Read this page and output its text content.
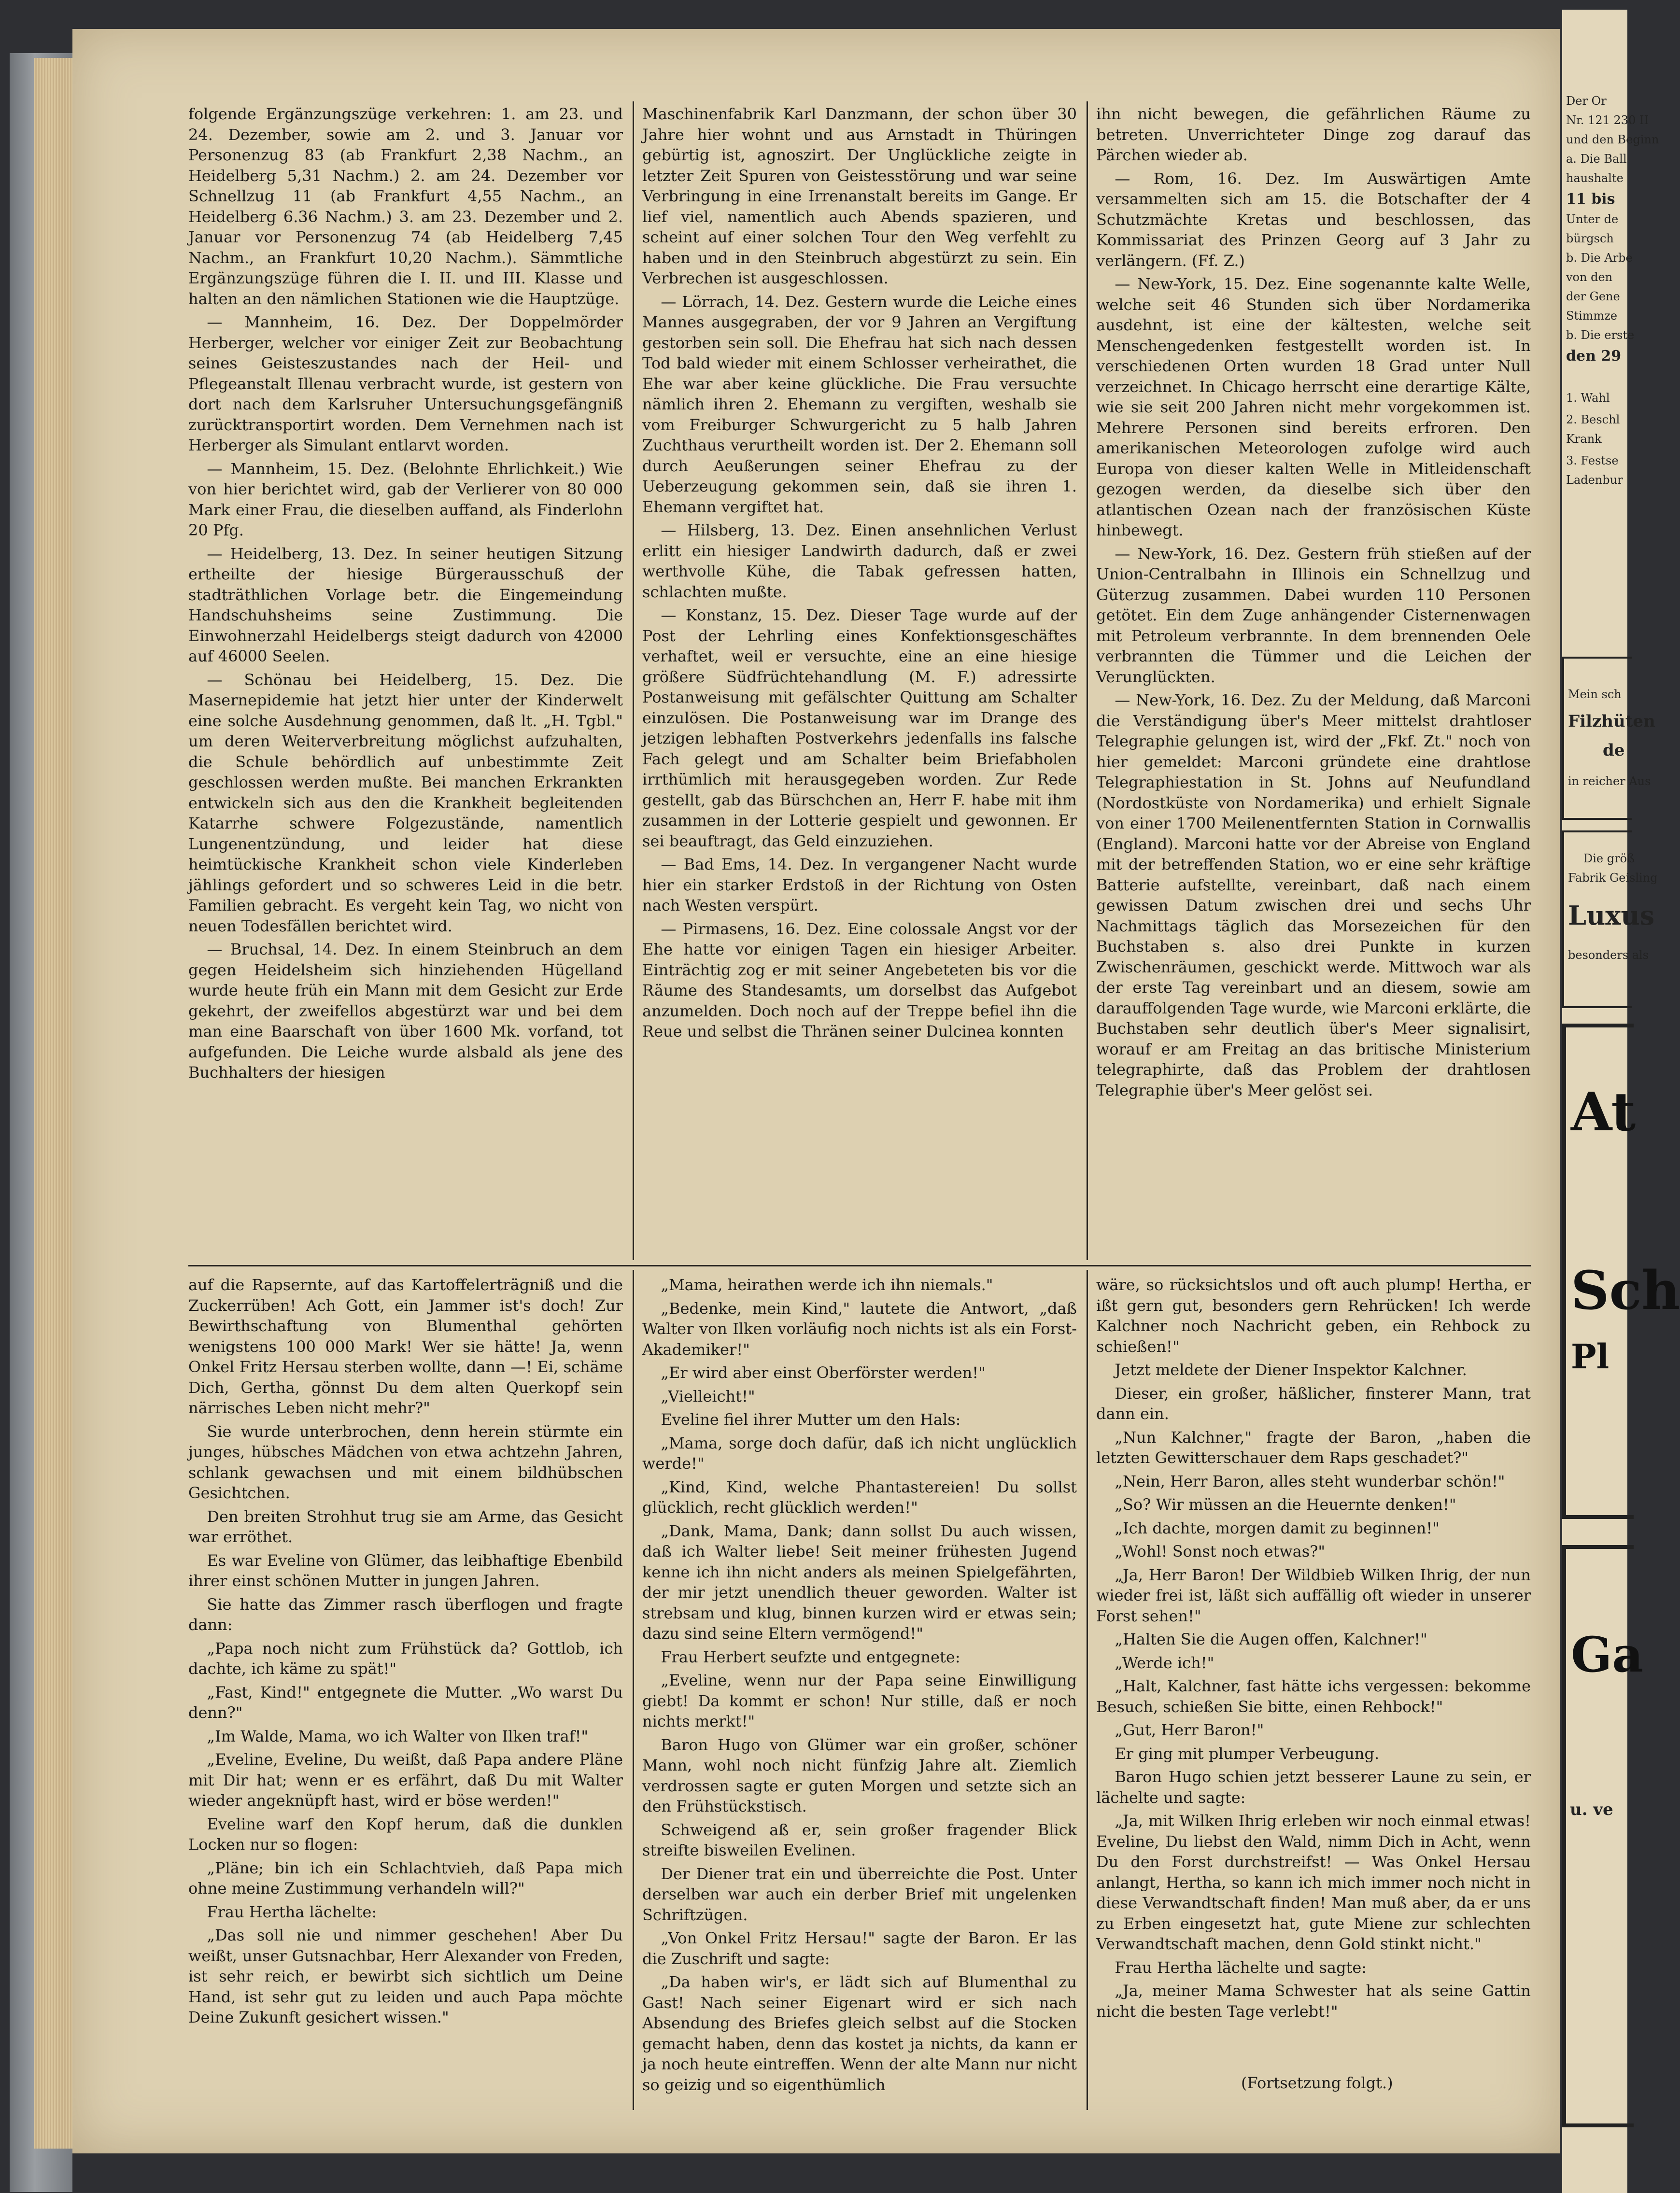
folgende Ergänzungszüge verkehren: 1. am 23. und 24. Dezember, sowie am 2. und 3. Januar vor Personenzug 83 (ab Frankfurt 2,38 Nachm., an Heidelberg 5,31 Nachm.) 2. am 24. Dezember vor Schnellzug 11 (ab Frankfurt 4,55 Nachm., an Heidelberg 6.36 Nachm.) 3. am 23. Dezember und 2. Januar vor Personenzug 74 (ab Heidelberg 7,45 Nachm., an Frankfurt 10,20 Nachm.). Sämmtliche Ergänzungszüge führen die I. II. und III. Klasse und halten an den nämlichen Stationen wie die Hauptzüge.

— Mannheim, 16. Dez. Der Doppelmörder Herberger, welcher vor einiger Zeit zur Beobachtung seines Geisteszustandes nach der Heil- und Pflegeanstalt Illenau verbracht wurde, ist gestern von dort nach dem Karlsruher Untersuchungsgefängniß zurücktransportirt worden. Dem Vernehmen nach ist Herberger als Simulant entlarvt worden.

— Mannheim, 15. Dez. (Belohnte Ehrlichkeit.) Wie von hier berichtet wird, gab der Verlierer von 80 000 Mark einer Frau, die dieselben auffand, als Finderlohn 20 Pfg.

— Heidelberg, 13. Dez. In seiner heutigen Sitzung ertheilte der hiesige Bürgerausschuß der stadträthlichen Vorlage betr. die Eingemeindung Handschuhsheims seine Zustimmung. Die Einwohnerzahl Heidelbergs steigt dadurch von 42000 auf 46000 Seelen.

— Schönau bei Heidelberg, 15. Dez. Die Masernepidemie hat jetzt hier unter der Kinderwelt eine solche Ausdehnung genommen, daß lt. „H. Tgbl." um deren Weiterverbreitung möglichst aufzuhalten, die Schule behördlich auf unbestimmte Zeit geschlossen werden mußte. Bei manchen Erkrankten entwickeln sich aus den die Krankheit begleitenden Katarrhe schwere Folgezustände, namentlich Lungenentzündung, und leider hat diese heimtückische Krankheit schon viele Kinderleben jählings gefordert und so schweres Leid in die betr. Familien gebracht. Es vergeht kein Tag, wo nicht von neuen Todesfällen berichtet wird.

— Bruchsal, 14. Dez. In einem Steinbruch an dem gegen Heidelsheim sich hinziehenden Hügelland wurde heute früh ein Mann mit dem Gesicht zur Erde gekehrt, der zweifellos abgestürzt war und bei dem man eine Baarschaft von über 1600 Mk. vorfand, tot aufgefunden. Die Leiche wurde alsbald als jene des Buchhalters der hiesigen

Maschinenfabrik Karl Danzmann, der schon über 30 Jahre hier wohnt und aus Arnstadt in Thüringen gebürtig ist, agnoszirt. Der Unglückliche zeigte in letzter Zeit Spuren von Geistesstörung und war seine Verbringung in eine Irrenanstalt bereits im Gange. Er lief viel, namentlich auch Abends spazieren, und scheint auf einer solchen Tour den Weg verfehlt zu haben und in den Steinbruch abgestürzt zu sein. Ein Verbrechen ist ausgeschlossen.

— Lörrach, 14. Dez. Gestern wurde die Leiche eines Mannes ausgegraben, der vor 9 Jahren an Vergiftung gestorben sein soll. Die Ehefrau hat sich nach dessen Tod bald wieder mit einem Schlosser verheirathet, die Ehe war aber keine glückliche. Die Frau versuchte nämlich ihren 2. Ehemann zu vergiften, weshalb sie vom Freiburger Schwurgericht zu 5 halb Jahren Zuchthaus verurtheilt worden ist. Der 2. Ehemann soll durch Aeußerungen seiner Ehefrau zu der Ueberzeugung gekommen sein, daß sie ihren 1. Ehemann vergiftet hat.

— Hilsberg, 13. Dez. Einen ansehnlichen Verlust erlitt ein hiesiger Landwirth dadurch, daß er zwei werthvolle Kühe, die Tabak gefressen hatten, schlachten mußte.

— Konstanz, 15. Dez. Dieser Tage wurde auf der Post der Lehrling eines Konfektionsgeschäftes verhaftet, weil er versuchte, eine an eine hiesige größere Südfrüchtehandlung (M. F.) adressirte Postanweisung mit gefälschter Quittung am Schalter einzulösen. Die Postanweisung war im Drange des jetzigen lebhaften Postverkehrs jedenfalls ins falsche Fach gelegt und am Schalter beim Briefabholen irrthümlich mit herausgegeben worden. Zur Rede gestellt, gab das Bürschchen an, Herr F. habe mit ihm zusammen in der Lotterie gespielt und gewonnen. Er sei beauftragt, das Geld einzuziehen.

— Bad Ems, 14. Dez. In vergangener Nacht wurde hier ein starker Erdstoß in der Richtung von Osten nach Westen verspürt.

— Pirmasens, 16. Dez. Eine colossale Angst vor der Ehe hatte vor einigen Tagen ein hiesiger Arbeiter. Einträchtig zog er mit seiner Angebeteten bis vor die Räume des Standesamts, um dorselbst das Aufgebot anzumelden. Doch noch auf der Treppe befiel ihn die Reue und selbst die Thränen seiner Dulcinea konnten

ihn nicht bewegen, die gefährlichen Räume zu betreten. Unverrichteter Dinge zog darauf das Pärchen wieder ab.

— Rom, 16. Dez. Im Auswärtigen Amte versammelten sich am 15. die Botschafter der 4 Schutzmächte Kretas und beschlossen, das Kommissariat des Prinzen Georg auf 3 Jahr zu verlängern. (Ff. Z.)

— New-York, 15. Dez. Eine sogenannte kalte Welle, welche seit 46 Stunden sich über Nordamerika ausdehnt, ist eine der kältesten, welche seit Menschengedenken festgestellt worden ist. In verschiedenen Orten wurden 18 Grad unter Null verzeichnet. In Chicago herrscht eine derartige Kälte, wie sie seit 200 Jahren nicht mehr vorgekommen ist. Mehrere Personen sind bereits erfroren. Den amerikanischen Meteorologen zufolge wird auch Europa von dieser kalten Welle in Mitleidenschaft gezogen werden, da dieselbe sich über den atlantischen Ozean nach der französischen Küste hinbewegt.

— New-York, 16. Dez. Gestern früh stießen auf der Union-Centralbahn in Illinois ein Schnellzug und Güterzug zusammen. Dabei wurden 110 Personen getötet. Ein dem Zuge anhängender Cisternenwagen mit Petroleum verbrannte. In dem brennenden Oele verbrannten die Tümmer und die Leichen der Verunglückten.

— New-York, 16. Dez. Zu der Meldung, daß Marconi die Verständigung über's Meer mittelst drahtloser Telegraphie gelungen ist, wird der „Fkf. Zt." noch von hier gemeldet: Marconi gründete eine drahtlose Telegraphiestation in St. Johns auf Neufundland (Nordostküste von Nordamerika) und erhielt Signale von einer 1700 Meilenentfernten Station in Cornwallis (England). Marconi hatte vor der Abreise von England mit der betreffenden Station, wo er eine sehr kräftige Batterie aufstellte, vereinbart, daß nach einem gewissen Datum zwischen drei und sechs Uhr Nachmittags täglich das Morsezeichen für den Buchstaben s. also drei Punkte in kurzen Zwischenräumen, geschickt werde. Mittwoch war als der erste Tag vereinbart und an diesem, sowie am darauffolgenden Tage wurde, wie Marconi erklärte, die Buchstaben sehr deutlich über's Meer signalisirt, worauf er am Freitag an das britische Ministerium telegraphirte, daß das Problem der drahtlosen Telegraphie über's Meer gelöst sei.

auf die Rapsernte, auf das Kartoffelerträgniß und die Zuckerrüben! Ach Gott, ein Jammer ist's doch! Zur Bewirthschaftung von Blumenthal gehörten wenigstens 100 000 Mark! Wer sie hätte! Ja, wenn Onkel Fritz Hersau sterben wollte, dann —! Ei, schäme Dich, Gertha, gönnst Du dem alten Querkopf sein närrisches Leben nicht mehr?"

Sie wurde unterbrochen, denn herein stürmte ein junges, hübsches Mädchen von etwa achtzehn Jahren, schlank gewachsen und mit einem bildhübschen Gesichtchen.

Den breiten Strohhut trug sie am Arme, das Gesicht war erröthet.

Es war Eveline von Glümer, das leibhaftige Ebenbild ihrer einst schönen Mutter in jungen Jahren.

Sie hatte das Zimmer rasch überflogen und fragte dann:

„Papa noch nicht zum Frühstück da? Gottlob, ich dachte, ich käme zu spät!"

„Fast, Kind!" entgegnete die Mutter. „Wo warst Du denn?"

„Im Walde, Mama, wo ich Walter von Ilken traf!"

„Eveline, Eveline, Du weißt, daß Papa andere Pläne mit Dir hat; wenn er es erfährt, daß Du mit Walter wieder angeknüpft hast, wird er böse werden!"

Eveline warf den Kopf herum, daß die dunklen Locken nur so flogen:

„Pläne; bin ich ein Schlachtvieh, daß Papa mich ohne meine Zustimmung verhandeln will?"

Frau Hertha lächelte:

„Das soll nie und nimmer geschehen! Aber Du weißt, unser Gutsnachbar, Herr Alexander von Freden, ist sehr reich, er bewirbt sich sichtlich um Deine Hand, ist sehr gut zu leiden und auch Papa möchte Deine Zukunft gesichert wissen."

„Mama, heirathen werde ich ihn niemals."

„Bedenke, mein Kind," lautete die Antwort, „daß Walter von Ilken vorläufig noch nichts ist als ein Forst-Akademiker!"

„Er wird aber einst Oberförster werden!"

„Vielleicht!"

Eveline fiel ihrer Mutter um den Hals:

„Mama, sorge doch dafür, daß ich nicht unglücklich werde!"

„Kind, Kind, welche Phantastereien! Du sollst glücklich, recht glücklich werden!"

„Dank, Mama, Dank; dann sollst Du auch wissen, daß ich Walter liebe! Seit meiner frühesten Jugend kenne ich ihn nicht anders als meinen Spielgefährten, der mir jetzt unendlich theuer geworden. Walter ist strebsam und klug, binnen kurzen wird er etwas sein; dazu sind seine Eltern vermögend!"

Frau Herbert seufzte und entgegnete:

„Eveline, wenn nur der Papa seine Einwilligung giebt! Da kommt er schon! Nur stille, daß er noch nichts merkt!"

Baron Hugo von Glümer war ein großer, schöner Mann, wohl noch nicht fünfzig Jahre alt. Ziemlich verdrossen sagte er guten Morgen und setzte sich an den Frühstückstisch.

Schweigend aß er, sein großer fragender Blick streifte bisweilen Evelinen.

Der Diener trat ein und überreichte die Post. Unter derselben war auch ein derber Brief mit ungelenken Schriftzügen.

„Von Onkel Fritz Hersau!" sagte der Baron. Er las die Zuschrift und sagte:

„Da haben wir's, er lädt sich auf Blumenthal zu Gast! Nach seiner Eigenart wird er sich nach Absendung des Briefes gleich selbst auf die Stocken gemacht haben, denn das kostet ja nichts, da kann er ja noch heute eintreffen. Wenn der alte Mann nur nicht so geizig und so eigenthümlich

wäre, so rücksichtslos und oft auch plump! Hertha, er ißt gern gut, besonders gern Rehrücken! Ich werde Kalchner noch Nachricht geben, ein Rehbock zu schießen!"

Jetzt meldete der Diener Inspektor Kalchner.

Dieser, ein großer, häßlicher, finsterer Mann, trat dann ein.

„Nun Kalchner," fragte der Baron, „haben die letzten Gewitterschauer dem Raps geschadet?"

„Nein, Herr Baron, alles steht wunderbar schön!"

„So? Wir müssen an die Heuernte denken!"

„Ich dachte, morgen damit zu beginnen!"

„Wohl! Sonst noch etwas?"

„Ja, Herr Baron! Der Wildbieb Wilken Ihrig, der nun wieder frei ist, läßt sich auffällig oft wieder in unserer Forst sehen!"

„Halten Sie die Augen offen, Kalchner!"

„Werde ich!"

„Halt, Kalchner, fast hätte ichs vergessen: bekomme Besuch, schießen Sie bitte, einen Rehbock!"

„Gut, Herr Baron!"

Er ging mit plumper Verbeugung.

Baron Hugo schien jetzt besserer Laune zu sein, er lächelte und sagte:

„Ja, mit Wilken Ihrig erleben wir noch einmal etwas! Eveline, Du liebst den Wald, nimm Dich in Acht, wenn Du den Forst durchstreifst! — Was Onkel Hersau anlangt, Hertha, so kann ich mich immer noch nicht in diese Verwandtschaft finden! Man muß aber, da er uns zu Erben eingesetzt hat, gute Miene zur schlechten Verwandtschaft machen, denn Gold stinkt nicht."

Frau Hertha lächelte und sagte:

„Ja, meiner Mama Schwester hat als seine Gattin nicht die besten Tage verlebt!"

(Fortsetzung folgt.)
Der Or
Nr. 121 230 II
und den Beginn
a. Die Ball
haushalte
11 bis
Unter de
bürgsch
b. Die Arbe
von den
der Gene
Stimmze
b. Die erste
den 29
1. Wahl
2. Beschl
Krank
3. Festse
Ladenbur
Mein sch
Filzhüten
de
in reicher Aus
Die größ
Fabrik Geisling
Luxus
besonders als
At
Sch
Pl
Ga
u. ve
